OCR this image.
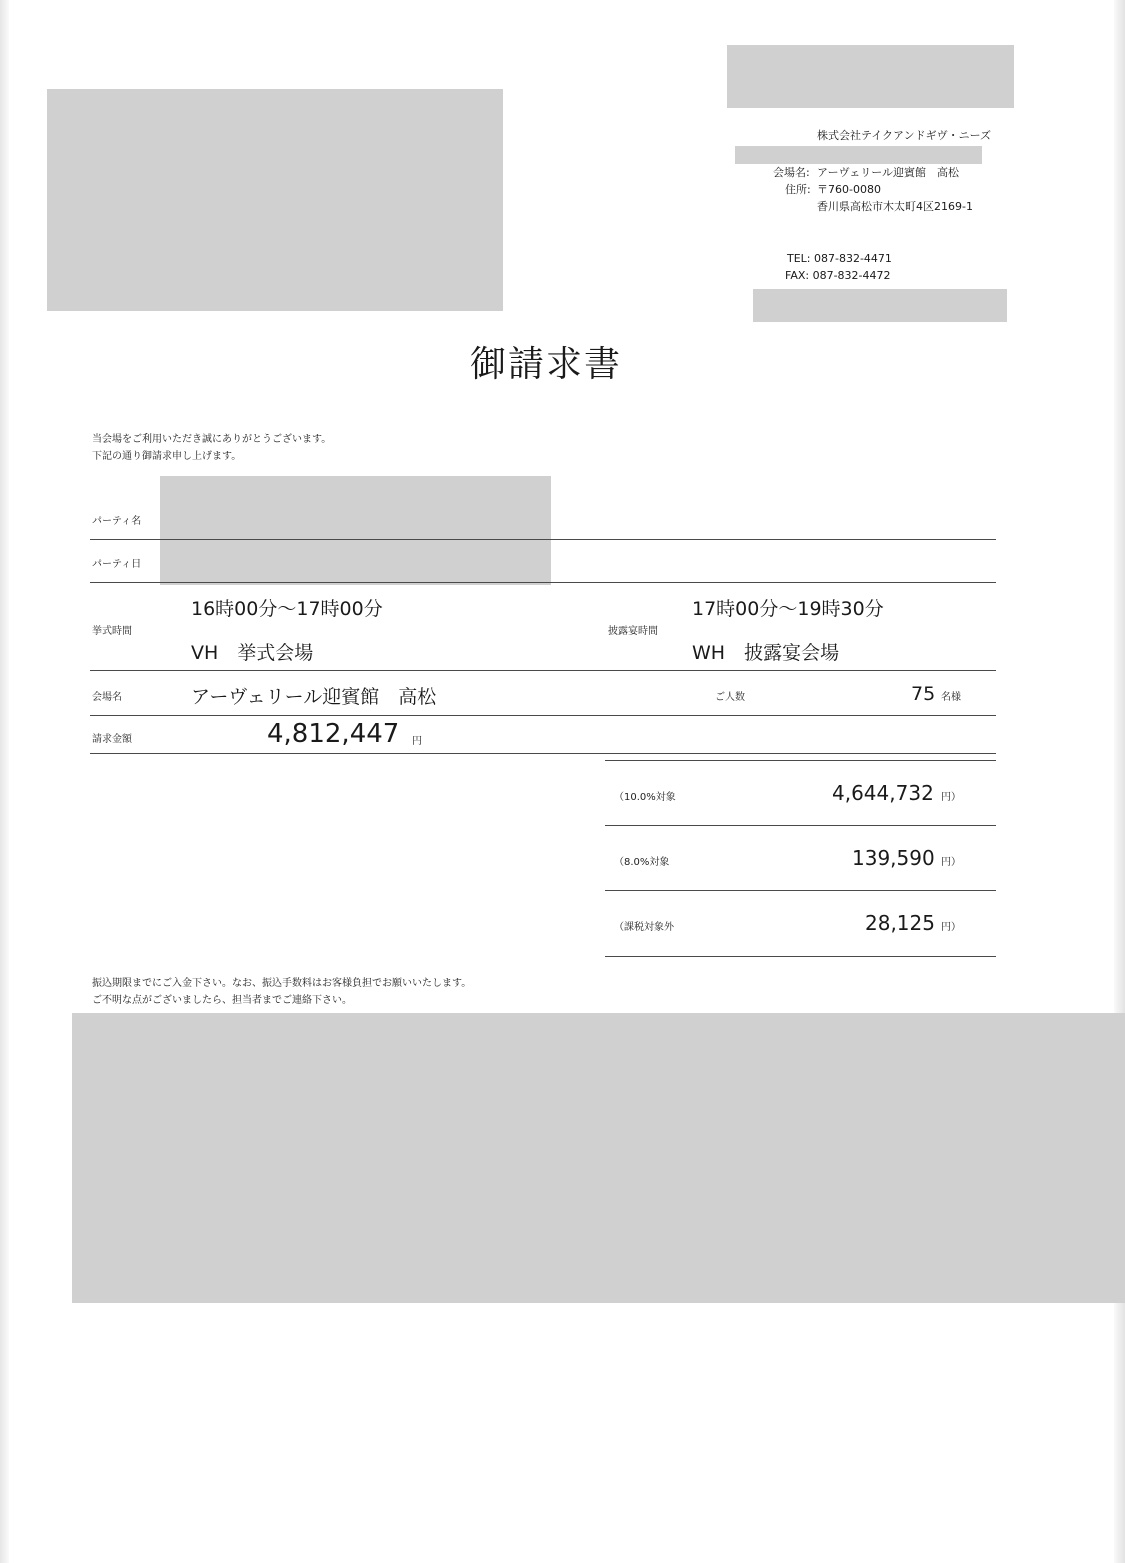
株式会社テイクアンドギヴ・ニーズ
会場名: アーヴェリール迎賓館　高松
住所: 〒760-0080
香川県高松市木太町4区2169-1
TEL: 087-832-4471
FAX: 087-832-4472
御請求書
当会場をご利用いただき誠にありがとうございます。
下記の通り御請求申し上げます。
パーティ名
パーティ日
挙式時間
16時00分～17時00分
VH　挙式会場
披露宴時間
17時00分～19時30分
WH　披露宴会場
会場名	アーヴェリール迎賓館　高松	ご人数	75 名様
請求金額	4,812,447 円
（10.0%対象	4,644,732 円）
（8.0%対象	139,590 円）
（課税対象外	28,125 円）
振込期限までにご入金下さい。なお、振込手数料はお客様負担でお願いいたします。
ご不明な点がございましたら、担当者までご連絡下さい。
